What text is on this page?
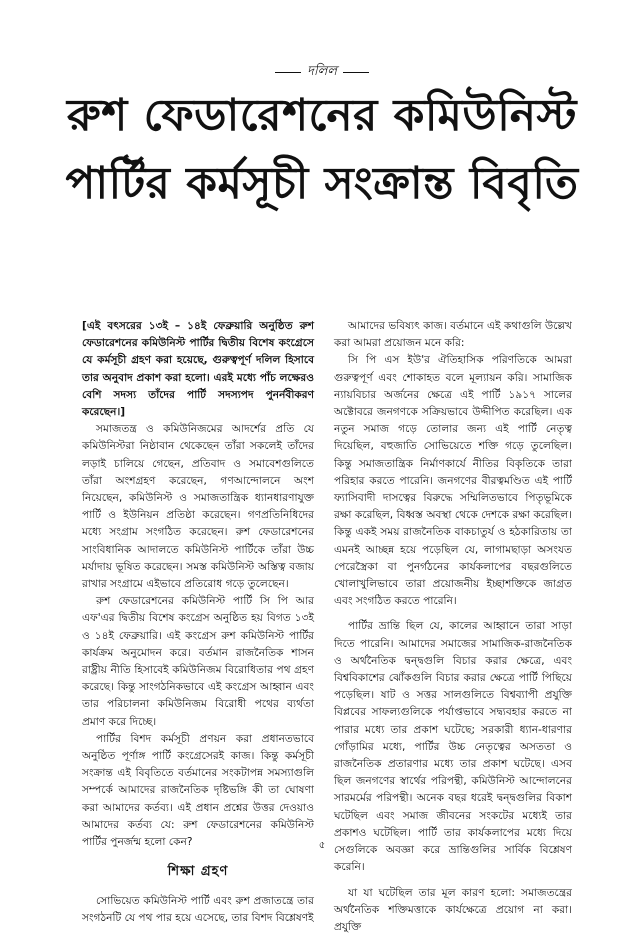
দলিল
রুশ ফেডারেশনের কমিউনিস্ট
পার্টির কর্মসূচী সংক্রান্ত বিবৃতি

[এই বৎসরের ১৩ই – ১৪ই ফেব্রুয়ারি অনুষ্ঠিত রুশ ফেডারেশনের কমিউনিস্ট পার্টির দ্বিতীয় বিশেষ কংগ্রেসে যে কর্মসূচী গ্রহণ করা হয়েছে, গুরুত্বপূর্ণ দলিল হিসাবে তার অনুবাদ প্রকাশ করা হলো। এরই মধ্যে পাঁচ লক্ষেরও বেশি সদস্য তাঁদের পার্টি সদস্যপদ পুনর্নবীকরণ করেছেন।]

সমাজতন্ত্র ও কমিউনিজমের আদর্শের প্রতি যে কমিউনিস্টরা নিষ্ঠাবান থেকেছেন তাঁরা সকলেই তাঁদের লড়াই চালিয়ে গেছেন, প্রতিবাদ ও সমাবেশগুলিতে তাঁরা অংশগ্রহণ করেছেন, গণআন্দোলনে অংশ নিয়েছেন, কমিউনিস্ট ও সমাজতান্ত্রিক ধ্যানধারণাযুক্ত পার্টি ও ইউনিয়ন প্রতিষ্ঠা করেছেন। গণপ্রতিনিধিদের মধ্যে সংগ্রাম সংগঠিত করেছেন। রুশ ফেডারেশনের সাংবিধানিক আদালতে কমিউনিস্ট পার্টিকে তাঁরা উচ্চ মর্যাদায় ভূষিত করেছেন। সমস্ত কমিউনিস্ট অস্তিত্ব বজায় রাখার সংগ্রামে এইভাবে প্রতিরোধ গড়ে তুলেছেন।

রুশ ফেডারেশনের কমিউনিস্ট পার্টি সি পি আর এফ'এর দ্বিতীয় বিশেষ কংগ্রেস অনুষ্ঠিত হয় বিগত ১৩ই ও ১৪ই ফেব্রুয়ারি। এই কংগ্রেস রুশ কমিউনিস্ট পার্টির কার্যক্রম অনুমোদন করে। বর্তমান রাজনৈতিক শাসন রাষ্ট্রীয় নীতি হিসাবেই কমিউনিজম বিরোধিতার পথ গ্রহণ করেছে। কিন্তু সাংগঠনিকভাবে এই কংগ্রেস আহ্বান এবং তার পরিচালনা কমিউনিজম বিরোধী পথের ব্যর্থতা প্রমাণ করে দিচ্ছে।

পার্টির বিশদ কর্মসূচী প্রণয়ন করা প্রধানতভাবে অনুষ্ঠিত পূর্ণাঙ্গ পার্টি কংগ্রেসেরই কাজ। কিন্তু কর্মসূচী সংক্রান্ত এই বিবৃতিতে বর্তমানের সংকটাপন্ন সমস্যাগুলি সম্পর্কে আমাদের রাজনৈতিক দৃষ্টিভঙ্গি কী তা ঘোষণা করা আমাদের কর্তব্য। এই প্রধান প্রশ্নের উত্তর দেওয়াও আমাদের কর্তব্য যে: রুশ ফেডারেশনের কমিউনিস্ট পার্টির পুনর্জন্ম হলো কেন?

শিক্ষা গ্রহণ

সোভিয়েত কমিউনিস্ট পার্টি এবং রুশ প্রজাতন্ত্রে তার সংগঠনটি যে পথ পার হয়ে এসেছে, তার বিশদ বিশ্লেষণই

আমাদের ভবিষ্যৎ কাজ। বর্তমানে এই কথাগুলি উল্লেখ করা আমরা প্রয়োজন মনে করি:

সি পি এস ইউ'র ঐতিহাসিক পরিণতিকে আমরা গুরুত্বপূর্ণ এবং শোকাহত বলে মূল্যায়ন করি। সামাজিক ন্যায়বিচার অর্জনের ক্ষেত্রে এই পার্টি ১৯১৭ সালের অক্টোবরে জনগণকে সক্রিয়ভাবে উদ্দীপিত করেছিল। এক নতুন সমাজ গড়ে তোলার জন্য এই পার্টি নেতৃত্ব দিয়েছিল, বহুজাতি সোভিয়েতে শক্তি গড়ে তুলেছিল। কিন্তু সমাজতান্ত্রিক নির্মাণকার্যে নীতির বিকৃতিকে তারা পরিহার করতে পারেনি। জনগণের বীরত্বমণ্ডিত এই পার্টি ফ্যাসিবাদী দাসত্বের বিরুদ্ধে সম্মিলিতভাবে পিতৃভূমিকে রক্ষা করেছিল, বিধ্বস্ত অবস্থা থেকে দেশকে রক্ষা করেছিল। কিন্তু একই সময় রাজনৈতিক বাকচাতুর্য ও হঠকারিতায় তা এমনই আচ্ছন্ন হয়ে পড়েছিল যে, লাগামছাড়া অসংযত পেরেস্ত্রৈকা বা পুনর্গঠনের কার্যকলাপের বছরগুলিতে খোলাখুলিভাবে তারা প্রয়োজনীয় ইচ্ছাশক্তিকে জাগ্রত এবং সংগঠিত করতে পারেনি।

পার্টির ভ্রান্তি ছিল যে, কালের আহ্বানে তারা সাড়া দিতে পারেনি। আমাদের সমাজের সামাজিক-রাজনৈতিক ও অর্থনৈতিক দ্বন্দ্বগুলি বিচার করার ক্ষেত্রে, এবং বিশ্ববিকাশের ঝোঁকগুলি বিচার করার ক্ষেত্রে পার্টি পিছিয়ে পড়েছিল। ষাট ও সত্তর সালগুলিতে বিশ্বব্যাপী প্রযুক্তি বিপ্লবের সাফল্যগুলিকে পর্যাপ্তভাবে সদ্ব্যবহার করতে না পারার মধ্যে তার প্রকাশ ঘটেছে; সরকারী ধ্যান-ধারণার গোঁড়ামির মধ্যে, পার্টির উচ্চ নেতৃত্বের অসততা ও রাজনৈতিক প্রতারণার মধ্যে তার প্রকাশ ঘটেছে। এসব ছিল জনগণের স্বার্থের পরিপন্থী, কমিউনিস্ট আন্দোলনের সারমর্মের পরিপন্থী। অনেক বছর ধরেই দ্বন্দ্বগুলির বিকাশ ঘটেছিল এবং সমাজ জীবনের সংকটের মধ্যেই তার প্রকাশও ঘটেছিল। পার্টি তার কার্যকলাপের মধ্যে দিয়ে সেগুলিকে অবজ্ঞা করে ভ্রান্তিগুলির সার্বিক বিশ্লেষণ করেনি।

যা যা ঘটেছিল তার মূল কারণ হলো: সমাজতন্ত্রের অর্থনৈতিক শক্তিমত্তাকে কার্যক্ষেত্রে প্রয়োগ না করা। প্রযুক্তি

৫
